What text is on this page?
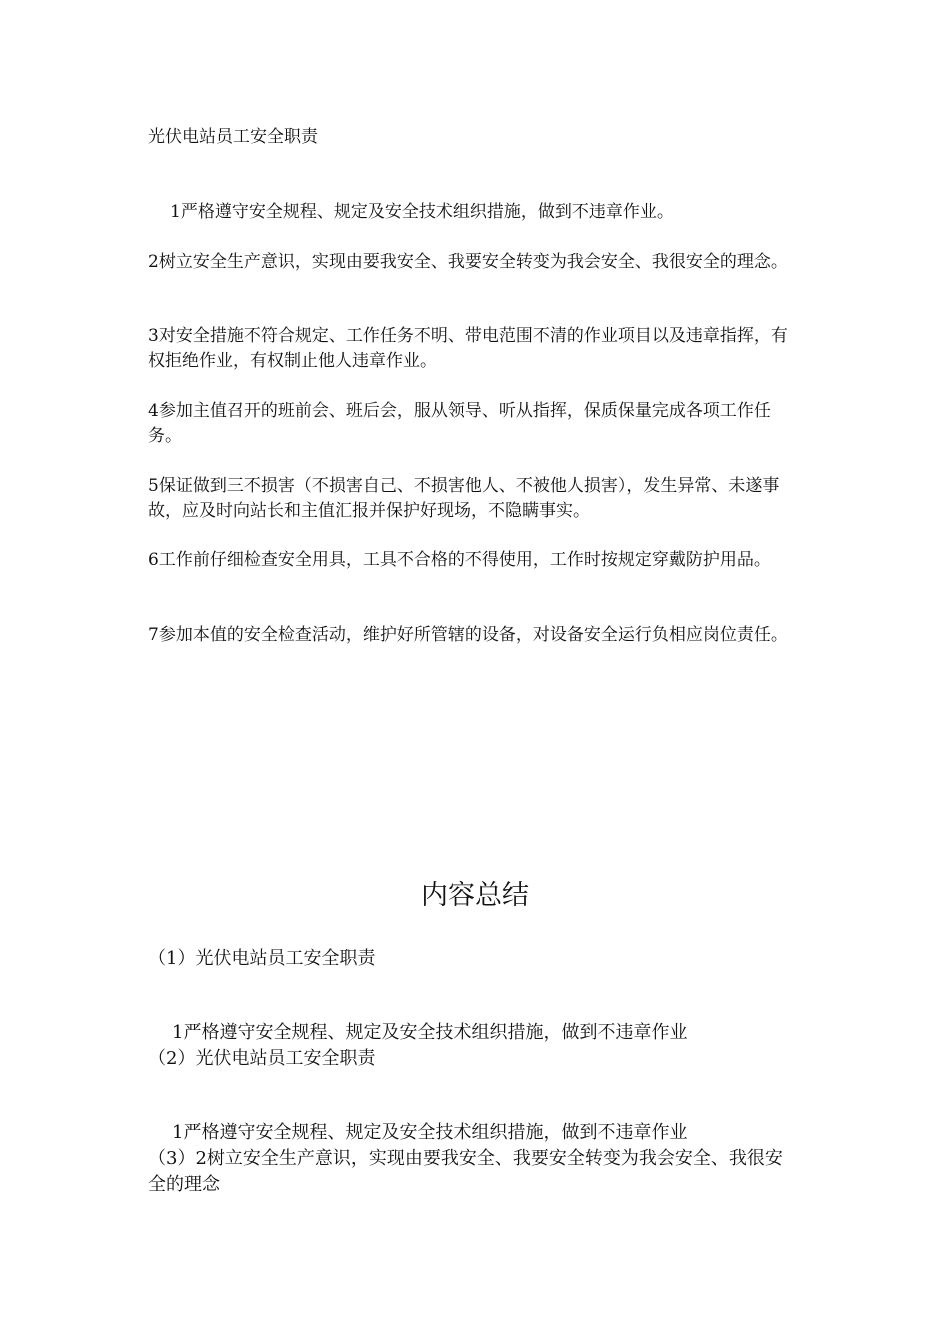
光伏电站员工安全职责

1严格遵守安全规程、规定及安全技术组织措施，做到不违章作业。

2树立安全生产意识，实现由要我安全、我要安全转变为我会安全、我很安全的理念。

3对安全措施不符合规定、工作任务不明、带电范围不清的作业项目以及违章指挥，有权拒绝作业，有权制止他人违章作业。

4参加主值召开的班前会、班后会，服从领导、听从指挥，保质保量完成各项工作任务。

5保证做到三不损害（不损害自己、不损害他人、不被他人损害），发生异常、未遂事故，应及时向站长和主值汇报并保护好现场，不隐瞒事实。

6工作前仔细检查安全用具，工具不合格的不得使用，工作时按规定穿戴防护用品。

7参加本值的安全检查活动，维护好所管辖的设备，对设备安全运行负相应岗位责任。

内容总结

（1）光伏电站员工安全职责

1严格遵守安全规程、规定及安全技术组织措施，做到不违章作业

（2）光伏电站员工安全职责

1严格遵守安全规程、规定及安全技术组织措施，做到不违章作业

（3）2树立安全生产意识，实现由要我安全、我要安全转变为我会安全、我很安全的理念
